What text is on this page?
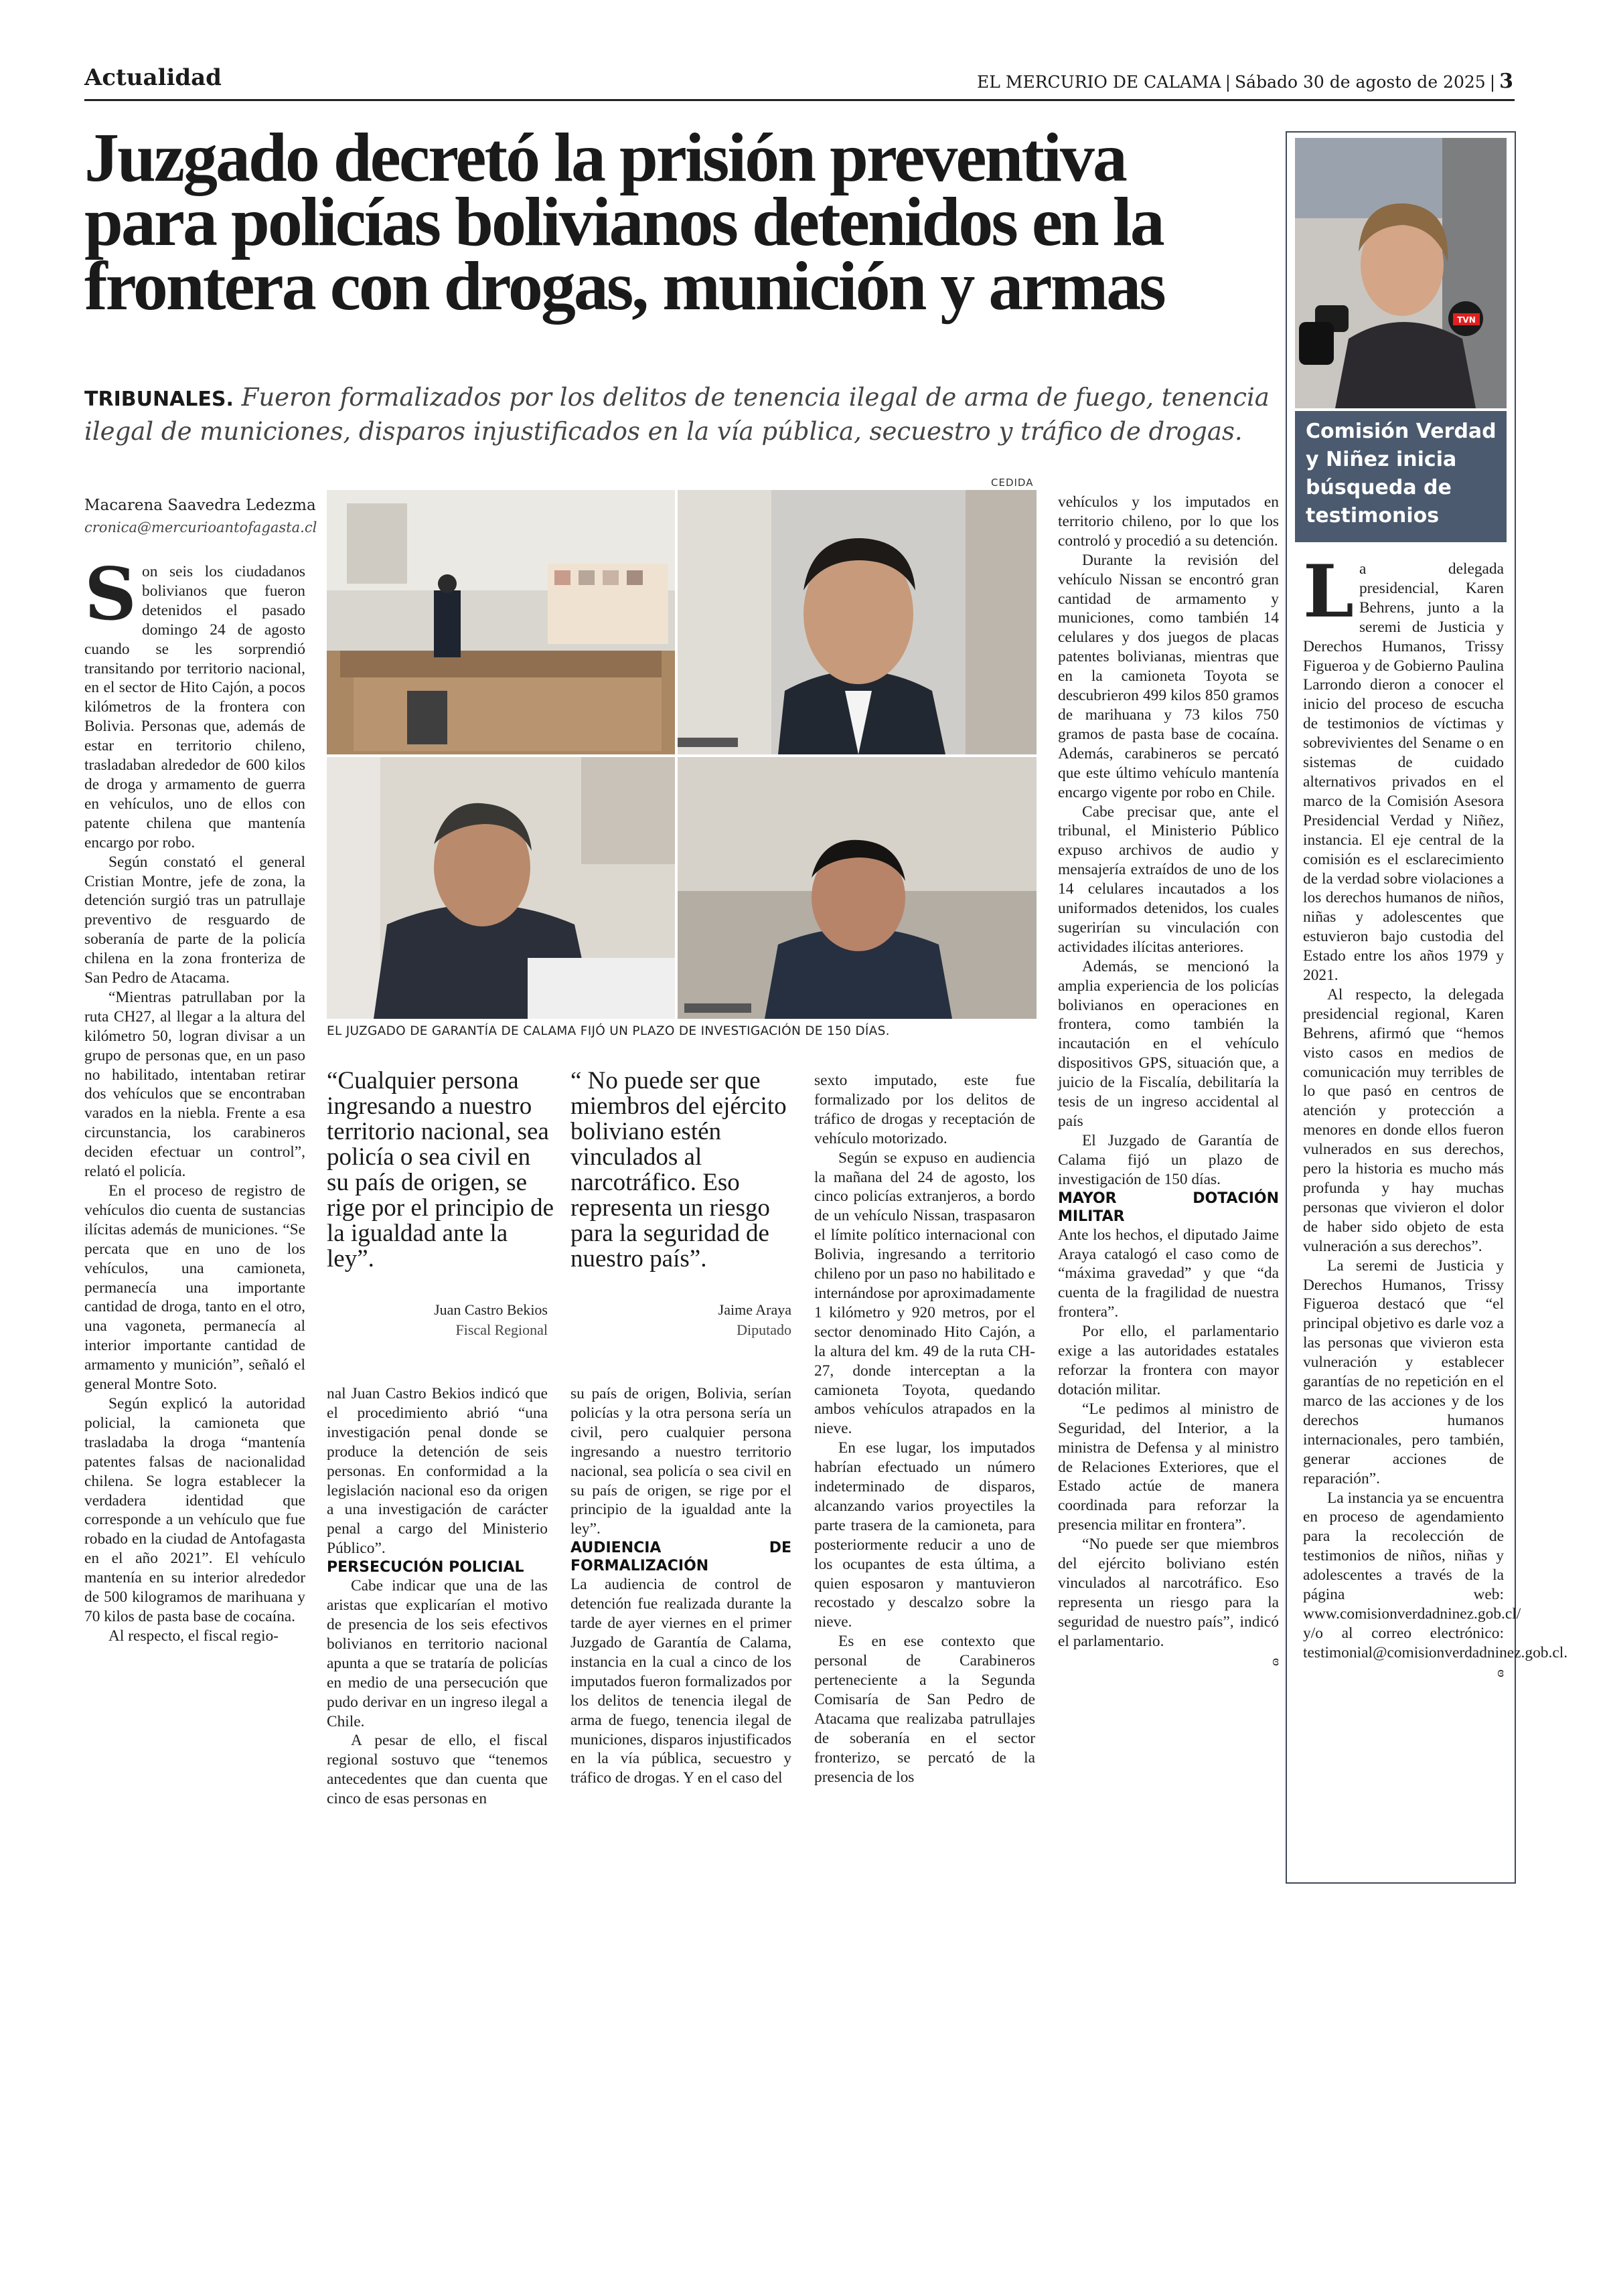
Actualidad	EL MERCURIO DE CALAMA | Sábado 30 de agosto de 2025 | 3
Juzgado decretó la prisión preventiva para policías bolivianos detenidos en la frontera con drogas, munición y armas
TRIBUNALES. Fueron formalizados por los delitos de tenencia ilegal de arma de fuego, tenencia ilegal de municiones, disparos injustificados en la vía pública, secuestro y tráfico de drogas.
Macarena Saavedra Ledezma
cronica@mercurioantofagasta.cl

Son seis los ciudadanos bolivianos que fueron detenidos el pasado domingo 24 de agosto cuando se les sorprendió transitando por territorio nacional, en el sector de Hito Cajón, a pocos kilómetros de la frontera con Bolivia. Personas que, además de estar en territorio chileno, trasladaban alrededor de 600 kilos de droga y armamento de guerra en vehículos, uno de ellos con patente chilena que mantenía encargo por robo.

Según constató el general Cristian Montre, jefe de zona, la detención surgió tras un patrullaje preventivo de resguardo de soberanía de parte de la policía chilena en la zona fronteriza de San Pedro de Atacama.

“Mientras patrullaban por la ruta CH27, al llegar a la altura del kilómetro 50, logran divisar a un grupo de personas que, en un paso no habilitado, intentaban retirar dos vehículos que se encontraban varados en la niebla. Frente a esa circunstancia, los carabineros deciden efectuar un control”, relató el policía.

En el proceso de registro de vehículos dio cuenta de sustancias ilícitas además de municiones. “Se percata que en uno de los vehículos, una camioneta, permanecía una importante cantidad de droga, tanto en el otro, una vagoneta, permanecía al interior importante cantidad de armamento y munición”, señaló el general Montre Soto.

Según explicó la autoridad policial, la camioneta que trasladaba la droga “mantenía patentes falsas de nacionalidad chilena. Se logra establecer la verdadera identidad que corresponde a un vehículo que fue robado en la ciudad de Antofagasta en el año 2021”. El vehículo mantenía en su interior alrededor de 500 kilogramos de marihuana y 70 kilos de pasta base de cocaína.

Al respecto, el fiscal regio-

CEDIDA
EL JUZGADO DE GARANTÍA DE CALAMA FIJÓ UN PLAZO DE INVESTIGACIÓN DE 150 DÍAS.
“Cualquier persona ingresando a nuestro territorio nacional, sea policía o sea civil en su país de origen, se rige por el principio de la igualdad ante la ley”.
Juan Castro Bekios
Fiscal Regional
“ No puede ser que miembros del ejército boliviano estén vinculados al narcotráfico. Eso representa un riesgo para la seguridad de nuestro país”.
Jaime Araya
Diputado

nal Juan Castro Bekios indicó que el procedimiento abrió “una investigación penal donde se produce la detención de seis personas. En conformidad a la legislación nacional eso da origen a una investigación de carácter penal a cargo del Ministerio Público”.

PERSECUCIÓN POLICIAL

Cabe indicar que una de las aristas que explicarían el motivo de presencia de los seis efectivos bolivianos en territorio nacional apunta a que se trataría de policías en medio de una persecución que pudo derivar en un ingreso ilegal a Chile.

A pesar de ello, el fiscal regional sostuvo que “tenemos antecedentes que dan cuenta que cinco de esas personas en

su país de origen, Bolivia, serían policías y la otra persona sería un civil, pero cualquier persona ingresando a nuestro territorio nacional, sea policía o sea civil en su país de origen, se rige por el principio de la igualdad ante la ley”.

AUDIENCIA DE FORMALIZACIÓN

La audiencia de control de detención fue realizada durante la tarde de ayer viernes en el primer Juzgado de Garantía de Calama, instancia en la cual a cinco de los imputados fueron formalizados por los delitos de tenencia ilegal de arma de fuego, tenencia ilegal de municiones, disparos injustificados en la vía pública, secuestro y tráfico de drogas. Y en el caso del

sexto imputado, este fue formalizado por los delitos de tráfico de drogas y receptación de vehículo motorizado.

Según se expuso en audiencia la mañana del 24 de agosto, los cinco policías extranjeros, a bordo de un vehículo Nissan, traspasaron el límite político internacional con Bolivia, ingresando a territorio chileno por un paso no habilitado e internándose por aproximadamente 1 kilómetro y 920 metros, por el sector denominado Hito Cajón, a la altura del km. 49 de la ruta CH-27, donde interceptan a la camioneta Toyota, quedando ambos vehículos atrapados en la nieve.

En ese lugar, los imputados habrían efectuado un número indeterminado de disparos, alcanzando varios proyectiles la parte trasera de la camioneta, para posteriormente reducir a uno de los ocupantes de esta última, a quien esposaron y mantuvieron recostado y descalzo sobre la nieve.

Es en ese contexto que personal de Carabineros perteneciente a la Segunda Comisaría de San Pedro de Atacama que realizaba patrullajes de soberanía en el sector fronterizo, se percató de la presencia de los

vehículos y los imputados en territorio chileno, por lo que los controló y procedió a su detención.

Durante la revisión del vehículo Nissan se encontró gran cantidad de armamento y municiones, como también 14 celulares y dos juegos de placas patentes bolivianas, mientras que en la camioneta Toyota se descubrieron 499 kilos 850 gramos de marihuana y 73 kilos 750 gramos de pasta base de cocaína. Además, carabineros se percató que este último vehículo mantenía encargo vigente por robo en Chile.

Cabe precisar que, ante el tribunal, el Ministerio Público expuso archivos de audio y mensajería extraídos de uno de los 14 celulares incautados a los uniformados detenidos, los cuales sugerirían su vinculación con actividades ilícitas anteriores.

Además, se mencionó la amplia experiencia de los policías bolivianos en operaciones en frontera, como también la incautación en el vehículo dispositivos GPS, situación que, a juicio de la Fiscalía, debilitaría la tesis de un ingreso accidental al país

El Juzgado de Garantía de Calama fijó un plazo de investigación de 150 días.

MAYOR DOTACIÓN MILITAR

Ante los hechos, el diputado Jaime Araya catalogó el caso como de “máxima gravedad” y que “da cuenta de la fragilidad de nuestra frontera”.

Por ello, el parlamentario exige a las autoridades estatales reforzar la frontera con mayor dotación militar.

“Le pedimos al ministro de Seguridad, del Interior, a la ministra de Defensa y al ministro de Relaciones Exteriores, que el Estado actúe de manera coordinada para reforzar la presencia militar en frontera”.

“No puede ser que miembros del ejército boliviano estén vinculados al narcotráfico. Eso representa un riesgo para la seguridad de nuestro país”, indicó el parlamentario.

ɞ

TVN
Comisión Verdad y Niñez inicia búsqueda de testimonios

La delegada presidencial, Karen Behrens, junto a la seremi de Justicia y Derechos Humanos, Trissy Figueroa y de Gobierno Paulina Larrondo dieron a conocer el inicio del proceso de escucha de testimonios de víctimas y sobrevivientes del Sename o en sistemas de cuidado alternativos privados en el marco de la Comisión Asesora Presidencial Verdad y Niñez, instancia. El eje central de la comisión es el esclarecimiento de la verdad sobre violaciones a los derechos humanos de niños, niñas y adolescentes que estuvieron bajo custodia del Estado entre los años 1979 y 2021.

Al respecto, la delegada presidencial regional, Karen Behrens, afirmó que “hemos visto casos en medios de comunicación muy terribles de lo que pasó en centros de atención y protección a menores en donde ellos fueron vulnerados en sus derechos, pero la historia es mucho más profunda y hay muchas personas que vivieron el dolor de haber sido objeto de esta vulneración a sus derechos”.

La seremi de Justicia y Derechos Humanos, Trissy Figueroa destacó que “el principal objetivo es darle voz a las personas que vivieron esta vulneración y establecer garantías de no repetición en el marco de las acciones y de los derechos humanos internacionales, pero también, generar acciones de reparación”.

La instancia ya se encuentra en proceso de agendamiento para la recolección de testimonios de niños, niñas y adolescentes a través de la página web: www.comisionverdadninez.gob.cl/ y/o al correo electrónico: testimonial@comisionverdadninez.gob.cl.

ɞ
